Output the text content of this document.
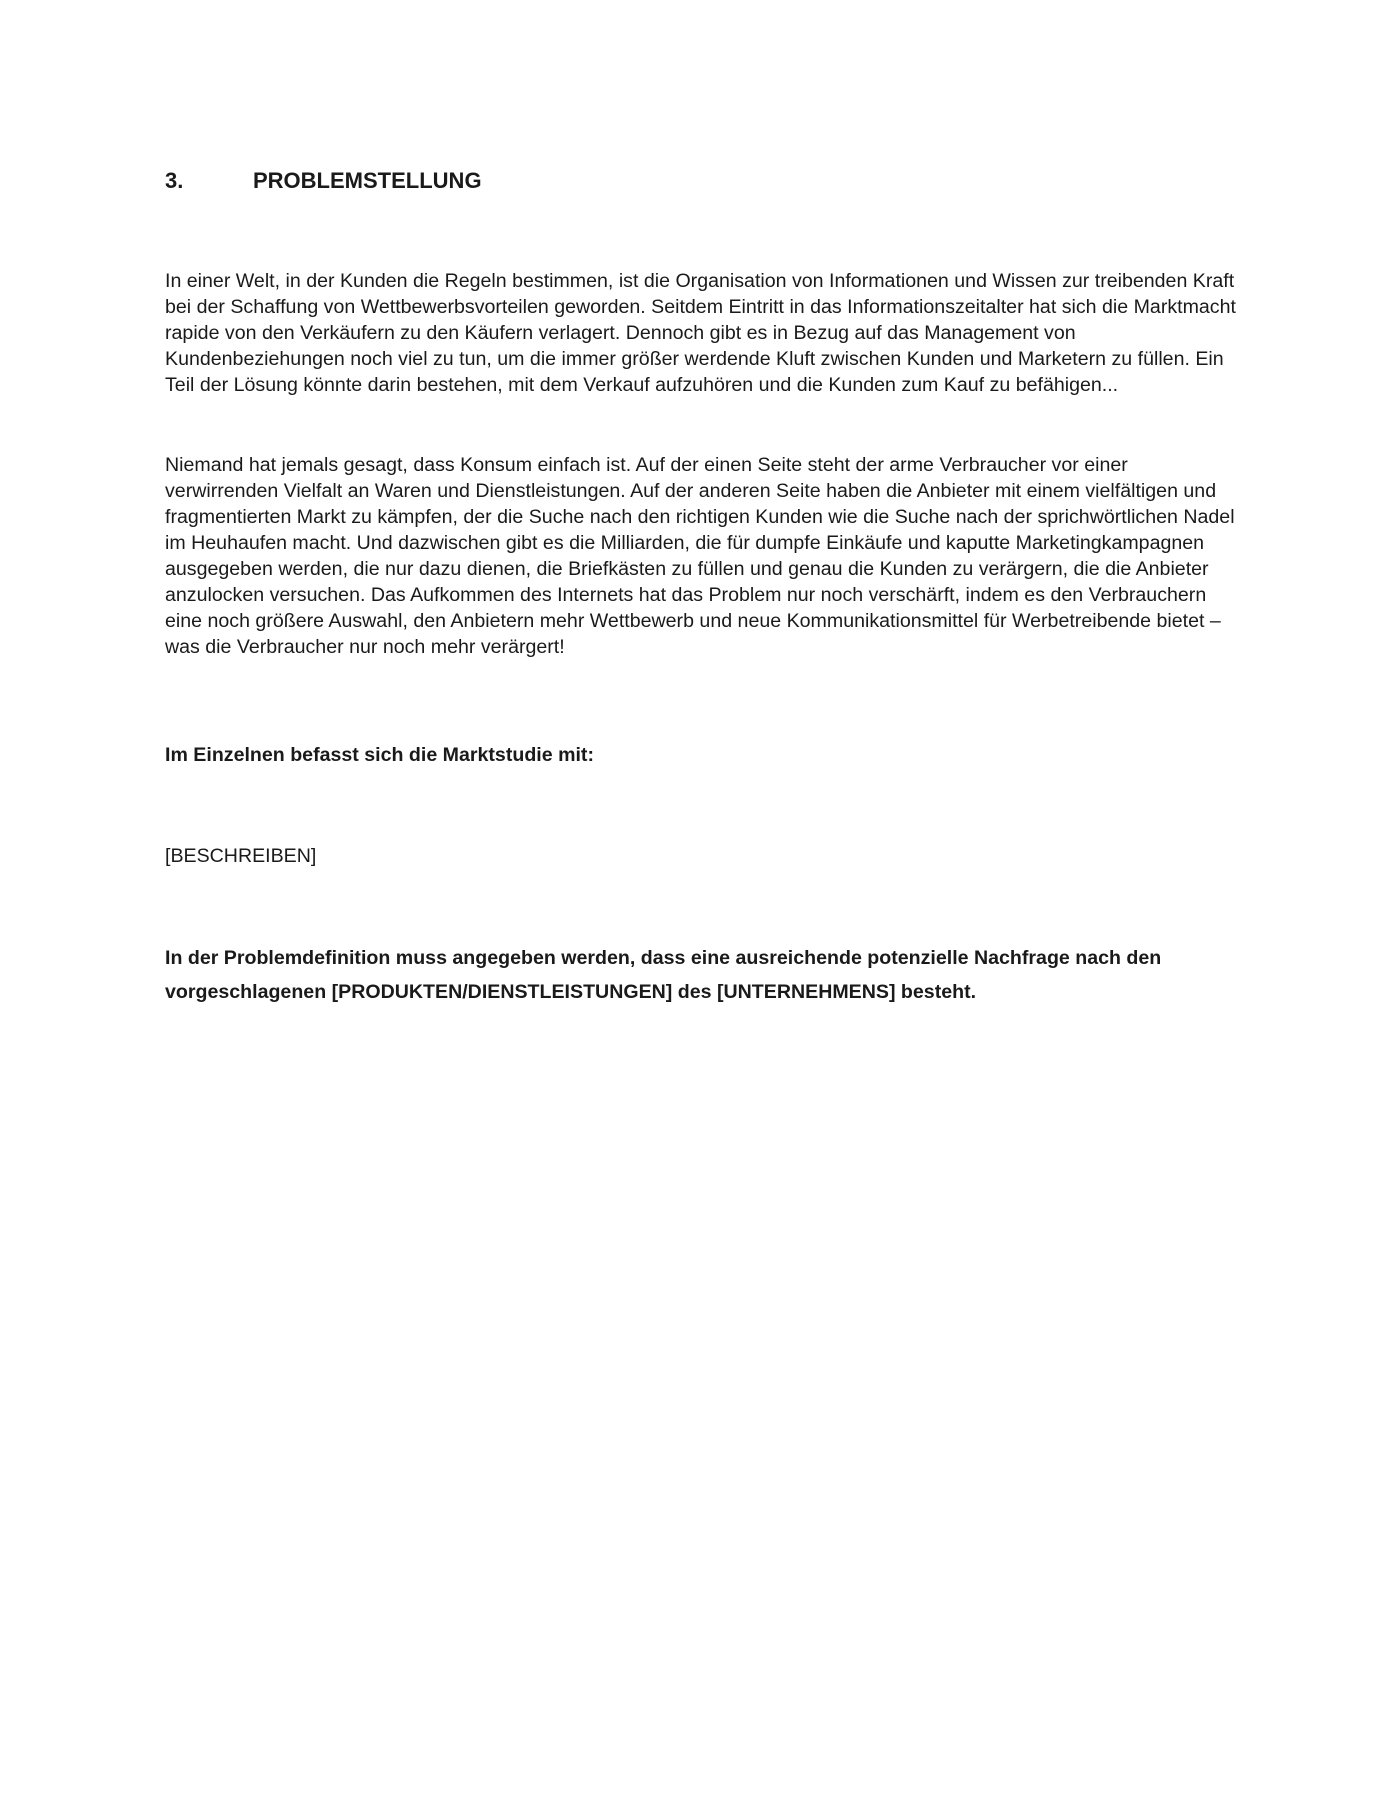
3.	PROBLEMSTELLUNG

In einer Welt, in der Kunden die Regeln bestimmen, ist die Organisation von Informationen und Wissen zur treibenden Kraft bei der Schaffung von Wettbewerbsvorteilen geworden. Seitdem Eintritt in das Informationszeitalter hat sich die Marktmacht rapide von den Verkäufern zu den Käufern verlagert. Dennoch gibt es in Bezug auf das Management von Kundenbeziehungen noch viel zu tun, um die immer größer werdende Kluft zwischen Kunden und Marketern zu füllen. Ein Teil der Lösung könnte darin bestehen, mit dem Verkauf aufzuhören und die Kunden zum Kauf zu befähigen...

Niemand hat jemals gesagt, dass Konsum einfach ist. Auf der einen Seite steht der arme Verbraucher vor einer verwirrenden Vielfalt an Waren und Dienstleistungen. Auf der anderen Seite haben die Anbieter mit einem vielfältigen und fragmentierten Markt zu kämpfen, der die Suche nach den richtigen Kunden wie die Suche nach der sprichwörtlichen Nadel im Heuhaufen macht. Und dazwischen gibt es die Milliarden, die für dumpfe Einkäufe und kaputte Marketingkampagnen ausgegeben werden, die nur dazu dienen, die Briefkästen zu füllen und genau die Kunden zu verärgern, die die Anbieter anzulocken versuchen. Das Aufkommen des Internets hat das Problem nur noch verschärft, indem es den Verbrauchern eine noch größere Auswahl, den Anbietern mehr Wettbewerb und neue Kommunikationsmittel für Werbetreibende bietet – was die Verbraucher nur noch mehr verärgert!

Im Einzelnen befasst sich die Marktstudie mit:
[BESCHREIBEN]

In der Problemdefinition muss angegeben werden, dass eine ausreichende potenzielle Nachfrage nach den vorgeschlagenen [PRODUKTEN/DIENSTLEISTUNGEN] des [UNTERNEHMENS] besteht.
